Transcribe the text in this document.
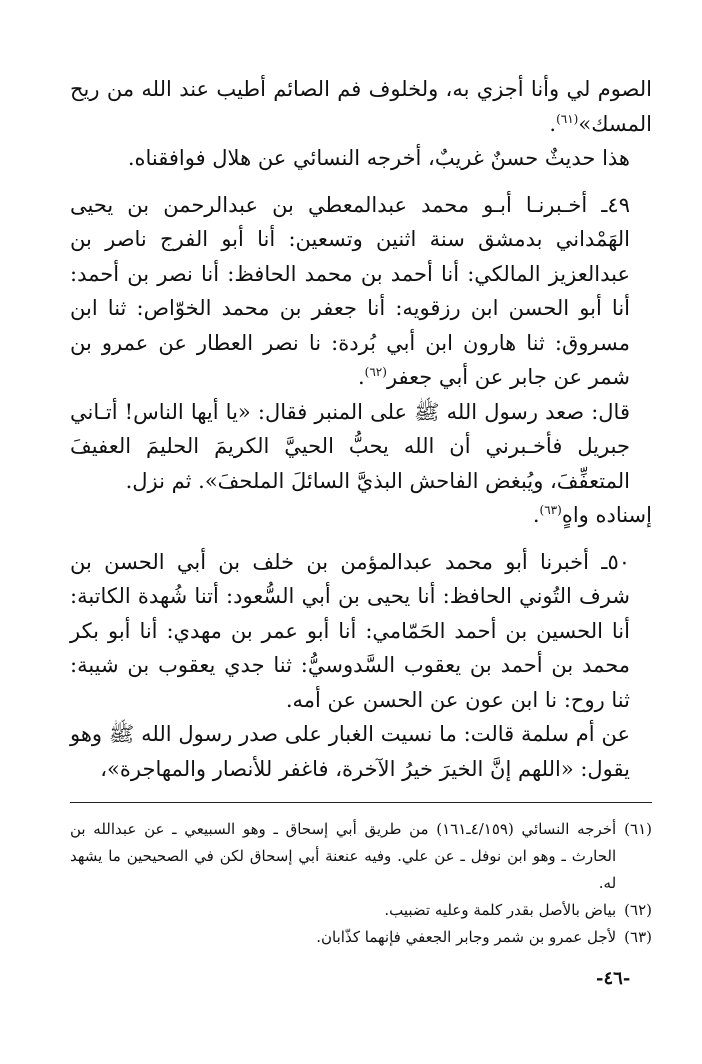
الصوم لي وأنا أجزي به، ولخلوف فم الصائم أطيب عند الله من ريح المسك»$^{(٦١)}$.

هذا حديثٌ حسنٌ غريبٌ، أخرجه النسائي عن هلال فوافقناه.

٤٩ـ أخـبرنـا أبـو محمد عبدالمعطي بن عبدالرحمن بن يحيى الهَمْداني بدمشق سنة اثنين وتسعين: أنا أبو الفرج ناصر بن عبدالعزيز المالكي: أنا أحمد بن محمد الحافظ: أنا نصر بن أحمد: أنا أبو الحسن ابن رزقويه: أنا جعفر بن محمد الخوّاص: ثنا ابن مسروق: ثنا هارون ابن أبي بُردة: نا نصر العطار عن عمرو بن شمر عن جابر عن أبي جعفر$^{(٦٢)}$.

قال: صعد رسول الله ﷺ على المنبر فقال: «يا أيها الناس! أتـاني جبريل فأخـبرني أن الله يحبُّ الحييَّ الكريمَ الحليمَ العفيفَ المتعفِّفَ، ويُبغض الفاحش البذيَّ السائلَ الملحفَ». ثم نزل.

إسناده واهٍ$^{(٦٣)}$.

٥٠ـ أخبرنا أبو محمد عبدالمؤمن بن خلف بن أبي الحسن بن شرف التُوني الحافظ: أنا يحيى بن أبي السُّعود: أتنا شُهدة الكاتبة: أنا الحسين بن أحمد الحَمّامي: أنا أبو عمر بن مهدي: أنا أبو بكر محمد بن أحمد بن يعقوب السَّدوسيُّ: ثنا جدي يعقوب بن شيبة: ثنا روح: نا ابن عون عن الحسن عن أمه.

عن أم سلمة قالت: ما نسيت الغبار على صدر رسول الله ﷺ وهو يقول: «اللهم إنَّ الخيرَ خيرُ الآخرة، فاغفر للأنصار والمهاجرة»،

(٦١)
أخرجه النسائي (٤/١٥٩ـ١٦١) من طريق أبي إسحاق ـ وهو السبيعي ـ عن عبدالله بن الحارث ـ وهو ابن نوفل ـ عن علي. وفيه عنعنة أبي إسحاق لكن في الصحيحين ما يشهد له.

(٦٢)
بياض بالأصل بقدر كلمة وعليه تضبيب.

(٦٣)
لأجل عمرو بن شمر وجابر الجعفي فإنهما كذّابان.

-٤٦-
